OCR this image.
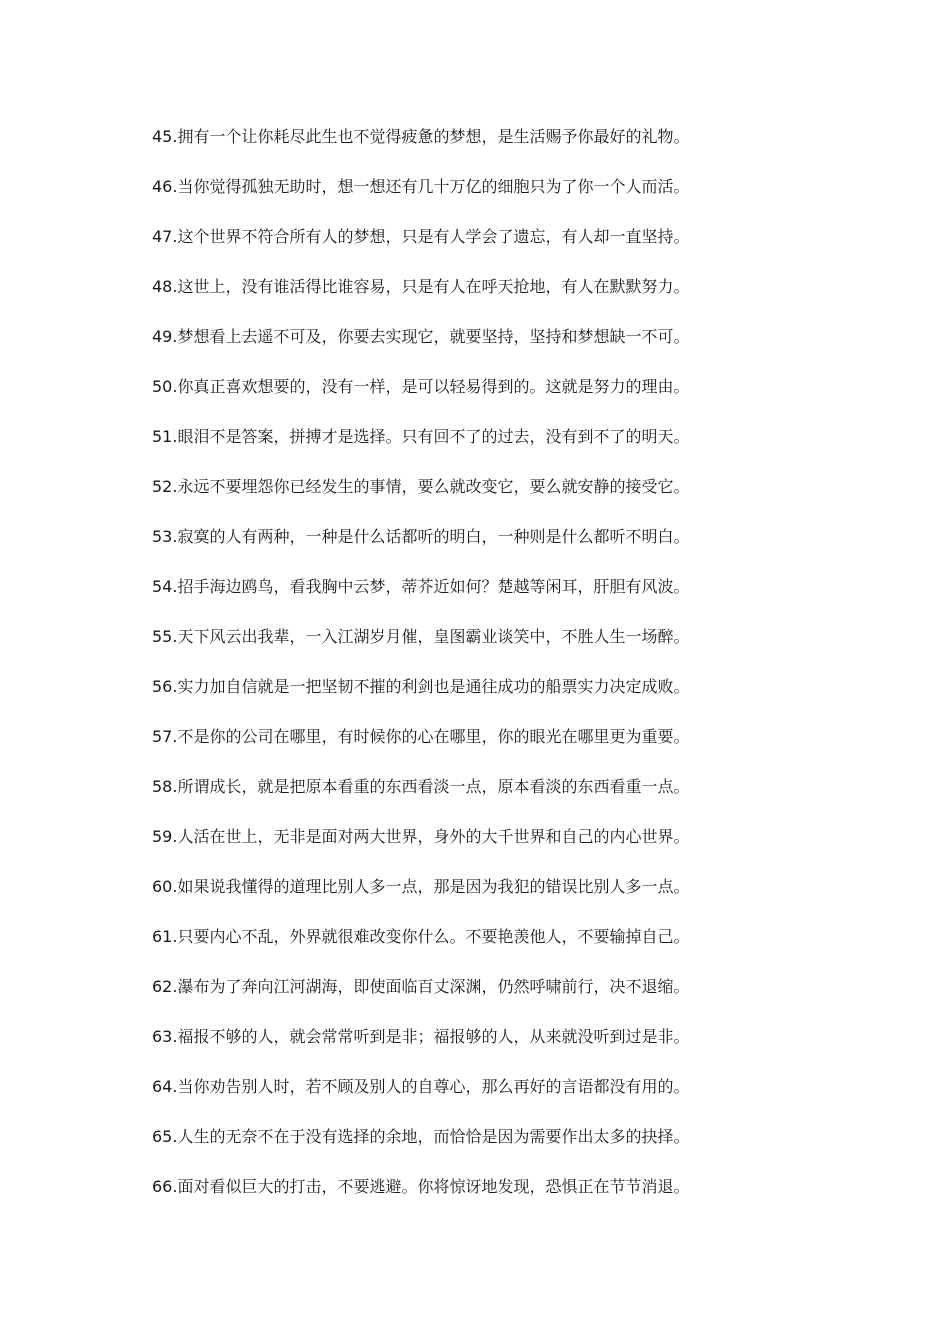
45.拥有一个让你耗尽此生也不觉得疲惫的梦想，是生活赐予你最好的礼物。
46.当你觉得孤独无助时，想一想还有几十万亿的细胞只为了你一个人而活。
47.这个世界不符合所有人的梦想，只是有人学会了遗忘，有人却一直坚持。
48.这世上，没有谁活得比谁容易，只是有人在呼天抢地，有人在默默努力。
49.梦想看上去遥不可及，你要去实现它，就要坚持，坚持和梦想缺一不可。
50.你真正喜欢想要的，没有一样，是可以轻易得到的。这就是努力的理由。
51.眼泪不是答案，拼搏才是选择。只有回不了的过去，没有到不了的明天。
52.永远不要埋怨你已经发生的事情，要么就改变它，要么就安静的接受它。
53.寂寞的人有两种，一种是什么话都听的明白，一种则是什么都听不明白。
54.招手海边鸥鸟，看我胸中云梦，蒂芥近如何？楚越等闲耳，肝胆有风波。
55.天下风云出我辈，一入江湖岁月催，皇图霸业谈笑中，不胜人生一场醉。
56.实力加自信就是一把坚韧不摧的利剑也是通往成功的船票实力决定成败。
57.不是你的公司在哪里，有时候你的心在哪里，你的眼光在哪里更为重要。
58.所谓成长，就是把原本看重的东西看淡一点，原本看淡的东西看重一点。
59.人活在世上，无非是面对两大世界，身外的大千世界和自己的内心世界。
60.如果说我懂得的道理比别人多一点，那是因为我犯的错误比别人多一点。
61.只要内心不乱，外界就很难改变你什么。不要艳羡他人，不要输掉自己。
62.瀑布为了奔向江河湖海，即使面临百丈深渊，仍然呼啸前行，决不退缩。
63.福报不够的人，就会常常听到是非；福报够的人，从来就没听到过是非。
64.当你劝告别人时，若不顾及别人的自尊心，那么再好的言语都没有用的。
65.人生的无奈不在于没有选择的余地，而恰恰是因为需要作出太多的抉择。
66.面对看似巨大的打击，不要逃避。你将惊讶地发现，恐惧正在节节消退。
